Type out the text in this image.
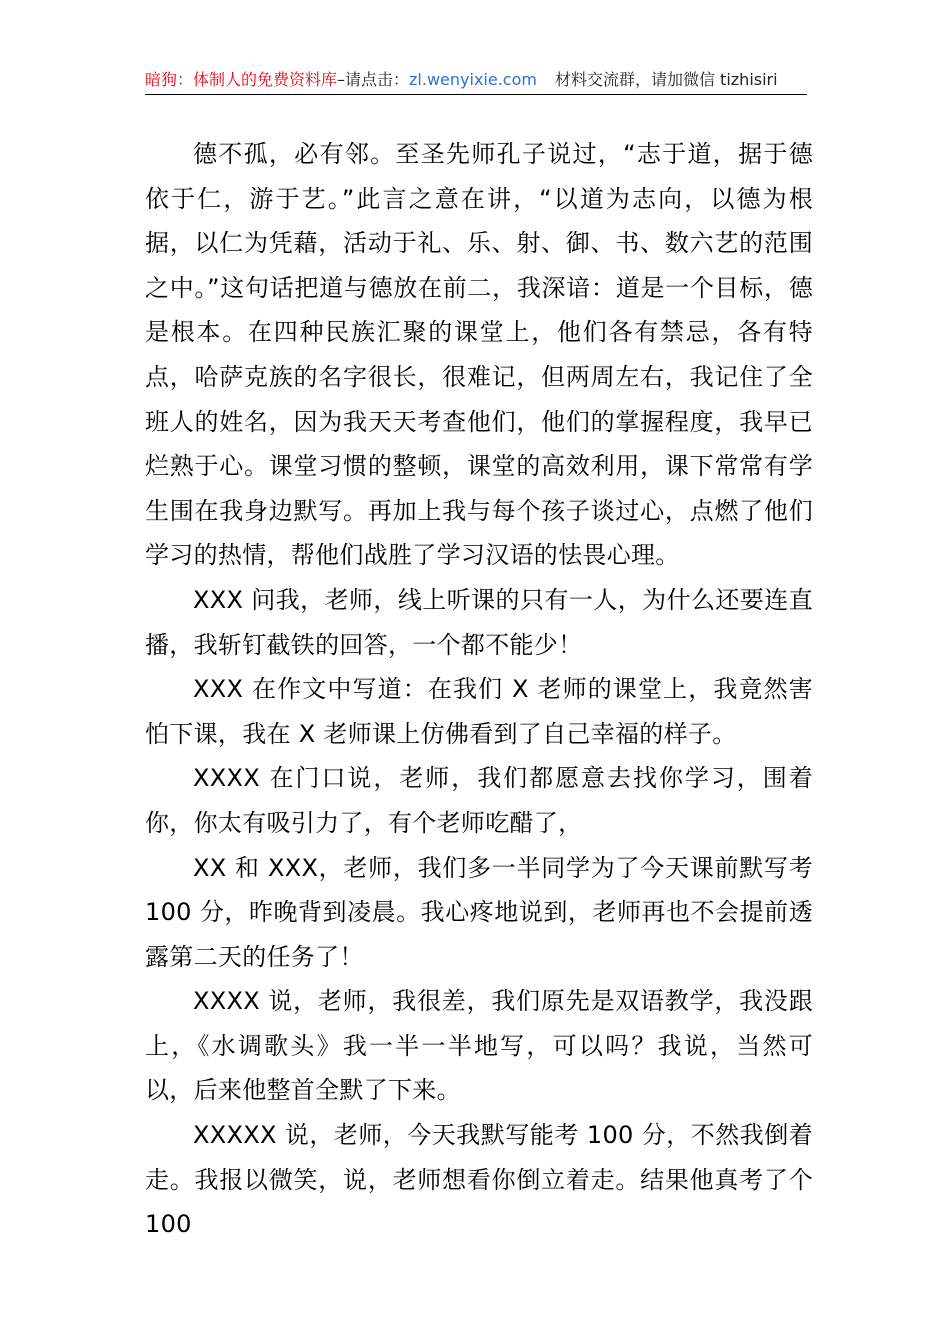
暗狗：体制人的免费资料库–请点击：zl.wenyixie.com 材料交流群，请加微信 tizhisiri

德不孤，必有邻。至圣先师孔子说过，“志于道，据于德依于仁，游于艺。”此言之意在讲，“以道为志向，以德为根据，以仁为凭藉，活动于礼、乐、射、御、书、数六艺的范围之中。”这句话把道与德放在前二，我深谙：道是一个目标，德是根本。在四种民族汇聚的课堂上，他们各有禁忌，各有特点，哈萨克族的名字很长，很难记，但两周左右，我记住了全班人的姓名，因为我天天考查他们，他们的掌握程度，我早已烂熟于心。课堂习惯的整顿，课堂的高效利用，课下常常有学生围在我身边默写。再加上我与每个孩子谈过心，点燃了他们学习的热情，帮他们战胜了学习汉语的怯畏心理。

XXX 问我，老师，线上听课的只有一人，为什么还要连直播，我斩钉截铁的回答，一个都不能少！

XXX 在作文中写道：在我们 X 老师的课堂上，我竟然害怕下课，我在 X 老师课上仿佛看到了自己幸福的样子。

XXXX 在门口说，老师，我们都愿意去找你学习，围着你，你太有吸引力了，有个老师吃醋了，

XX 和 XXX，老师，我们多一半同学为了今天课前默写考 100 分，昨晚背到凌晨。我心疼地说到，老师再也不会提前透露第二天的任务了！

XXXX 说，老师，我很差，我们原先是双语教学，我没跟上，《水调歌头》我一半一半地写，可以吗？我说，当然可以，后来他整首全默了下来。

XXXXX 说，老师，今天我默写能考 100 分，不然我倒着走。我报以微笑，说，老师想看你倒立着走。结果他真考了个 100
